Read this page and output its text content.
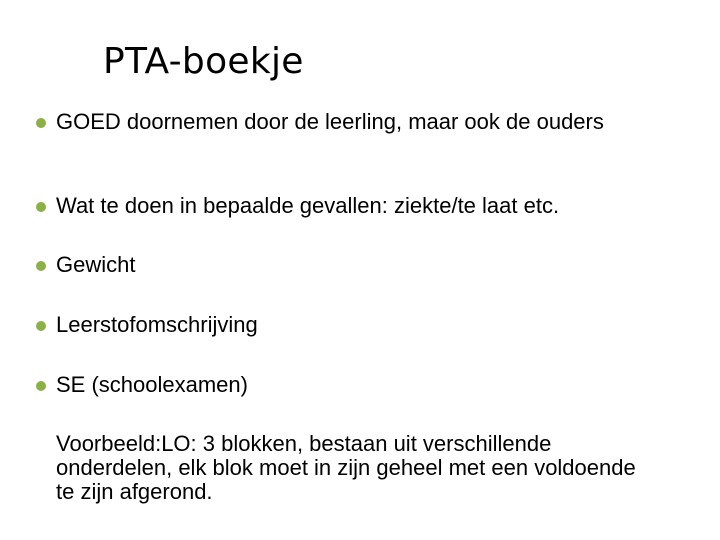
PTA-boekje
GOED doornemen door de leerling, maar ook de ouders
Wat te doen in bepaalde gevallen: ziekte/te laat etc.
Gewicht
Leerstofomschrijving
SE (schoolexamen)
Voorbeeld:LO: 3 blokken, bestaan uit verschillende onderdelen, elk blok moet in zijn geheel met een voldoende te zijn afgerond.
